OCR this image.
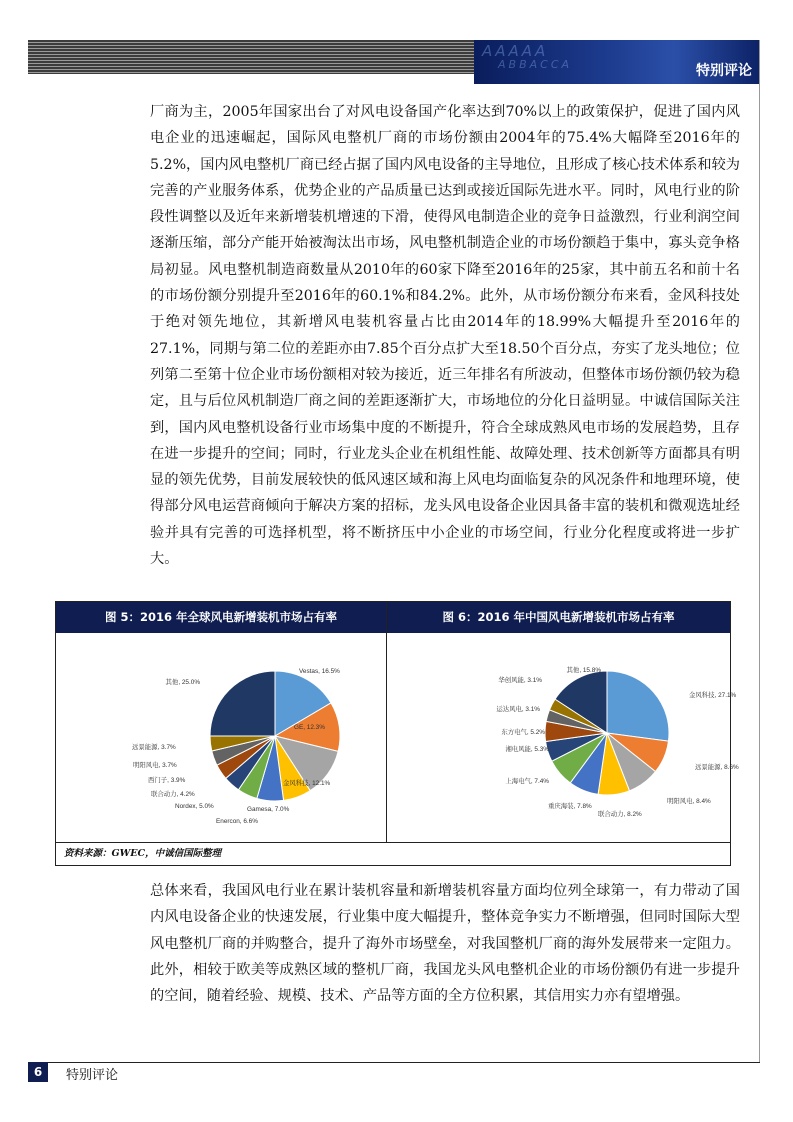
AAAAA
ABBACCA	特别评论
厂商为主，2005年国家出台了对风电设备国产化率达到70%以上的政策保护，促进了国内风电企业的迅速崛起，国际风电整机厂商的市场份额由2004年的75.4%大幅降至2016年的5.2%，国内风电整机厂商已经占据了国内风电设备的主导地位，且形成了核心技术体系和较为完善的产业服务体系，优势企业的产品质量已达到或接近国际先进水平。同时，风电行业的阶段性调整以及近年来新增装机增速的下滑，使得风电制造企业的竞争日益激烈，行业利润空间逐渐压缩，部分产能开始被淘汰出市场，风电整机制造企业的市场份额趋于集中，寡头竞争格局初显。风电整机制造商数量从2010年的60家下降至2016年的25家，其中前五名和前十名的市场份额分别提升至2016年的60.1%和84.2%。此外，从市场份额分布来看，金风科技处于绝对领先地位，其新增风电装机容量占比由2014年的18.99%大幅提升至2016年的27.1%，同期与第二位的差距亦由7.85个百分点扩大至18.50个百分点，夯实了龙头地位；位列第二至第十位企业市场份额相对较为接近，近三年排名有所波动，但整体市场份额仍较为稳定，且与后位风机制造厂商之间的差距逐渐扩大，市场地位的分化日益明显。中诚信国际关注到，国内风电整机设备行业市场集中度的不断提升，符合全球成熟风电市场的发展趋势，且存在进一步提升的空间；同时，行业龙头企业在机组性能、故障处理、技术创新等方面都具有明显的领先优势，目前发展较快的低风速区域和海上风电均面临复杂的风况条件和地理环境，使得部分风电运营商倾向于解决方案的招标，龙头风电设备企业因具备丰富的装机和微观选址经验并具有完善的可选择机型，将不断挤压中小企业的市场空间，行业分化程度或将进一步扩大。
图 5：2016 年全球风电新增装机市场占有率	图 6：2016 年中国风电新增装机市场占有率
Vestas, 16.5%
GE, 12.3%
金风科技, 12.1%
Gamesa, 7.0%
Enercon, 6.6%
Nordex, 5.0%
联合动力, 4.2%
西门子, 3.9%
明阳风电, 3.7%
远景能源, 3.7%
其他, 25.0%
金风科技, 27.1%
远景能源, 8.6%
明阳风电, 8.4%
联合动力, 8.2%
重庆海装, 7.8%
上海电气, 7.4%
湘电风能, 5.3%
东方电气, 5.2%
运达风电, 3.1%
华创风能, 3.1%
其他, 15.8%
资料来源：GWEC，中诚信国际整理
总体来看，我国风电行业在累计装机容量和新增装机容量方面均位列全球第一，有力带动了国内风电设备企业的快速发展，行业集中度大幅提升，整体竞争实力不断增强，但同时国际大型风电整机厂商的并购整合，提升了海外市场壁垒，对我国整机厂商的海外发展带来一定阻力。此外，相较于欧美等成熟区域的整机厂商，我国龙头风电整机企业的市场份额仍有进一步提升的空间，随着经验、规模、技术、产品等方面的全方位积累，其信用实力亦有望增强。
6	特别评论
